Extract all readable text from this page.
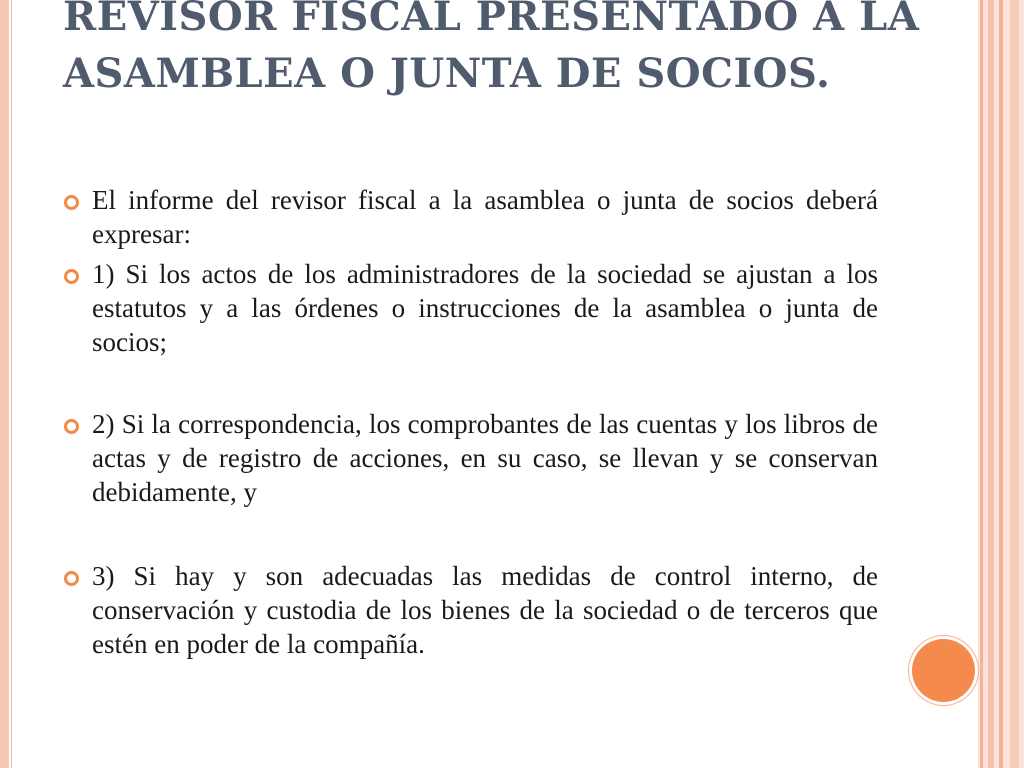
REVISOR FISCAL PRESENTADO A LA ASAMBLEA O JUNTA DE SOCIOS.
El informe del revisor fiscal a la asamblea o junta de socios deberá expresar:
1) Si los actos de los administradores de la sociedad se ajustan a los estatutos y a las órdenes o instrucciones de la asamblea o junta de socios;
2) Si la correspondencia, los comprobantes de las cuentas y los libros de actas y de registro de acciones, en su caso, se llevan y se conservan debidamente, y
3) Si hay y son adecuadas las medidas de control interno, de conservación y custodia de los bienes de la sociedad o de terceros que estén en poder de la compañía.
